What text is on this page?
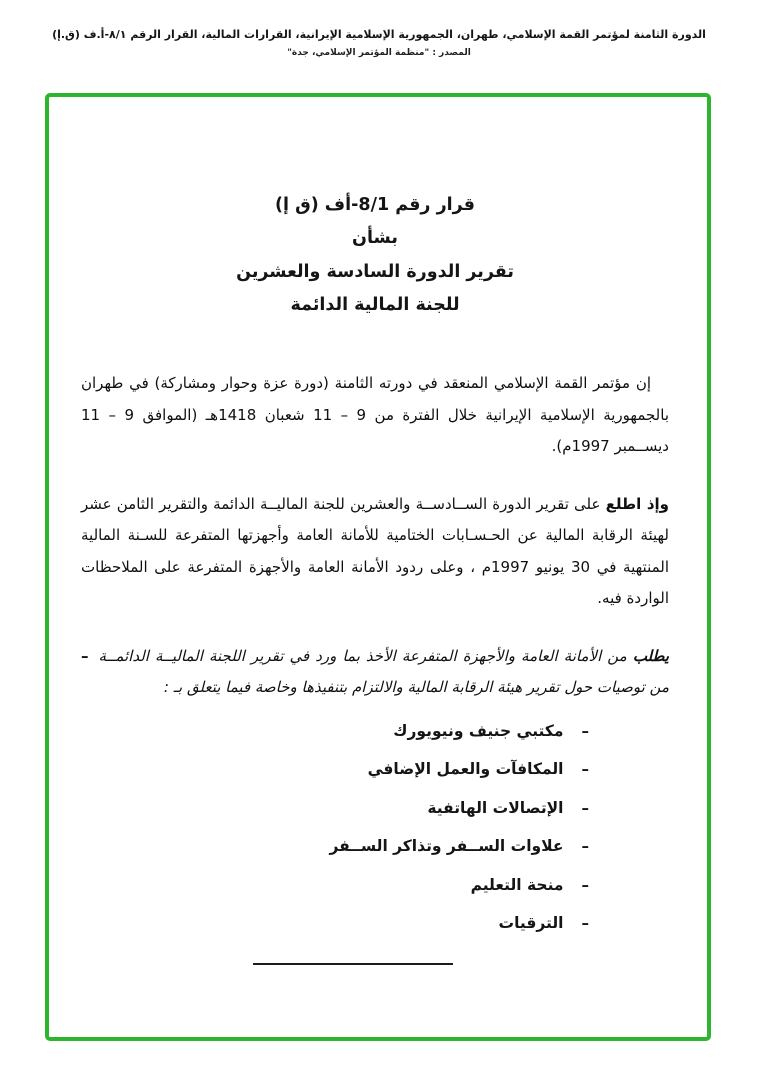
الدورة الثامنة لمؤتمر القمة الإسلامي، طهران، الجمهورية الإسلامية الإيرانية، القرارات المالية، القرار الرقم ٨/١-أ.ف (ق.إ)
المصدر : "منظمة المؤتمر الإسلامي، جدة"
قرار رقم 8/1-أف (ق إ)
بشأن
تقرير الدورة السادسة والعشرين
للجنة المالية الدائمة

إن مؤتمر القمة الإسلامي المنعقد في دورته الثامنة (دورة عزة وحوار ومشاركة) في طهران بالجمهورية الإسلامية الإيرانية خلال الفترة من 9 – 11 شعبان 1418هـ (الموافق 9 – 11 ديســمبر 1997م).

وإذ اطلع على تقرير الدورة الســادســة والعشرين للجنة الماليــة الدائمة والتقرير الثامن عشر لهيئة الرقابة المالية عن الحـسـابات الختامية للأمانة العامة وأجهزتها المتفرعة للسـنة المالية المنتهية في 30 يونيو 1997م ، وعلى ردود الأمانة العامة والأجهزة المتفرعة على الملاحظات الواردة فيه.

يطلب من الأمانة العامة والأجهزة المتفرعة الأخذ بما ورد في تقرير اللجنة الماليــة الدائمــة من توصيات حول تقرير هيئة الرقابة المالية والالتزام بتنفيذها وخاصة فيما يتعلق بـ :

–
–
مكتبي جنيف ونيويورك
–
المكافآت والعمل الإضافي
–
الإتصالات الهاتفية
–
علاوات الســفر وتذاكر الســفر
–
منحة التعليم
–
الترقيات
